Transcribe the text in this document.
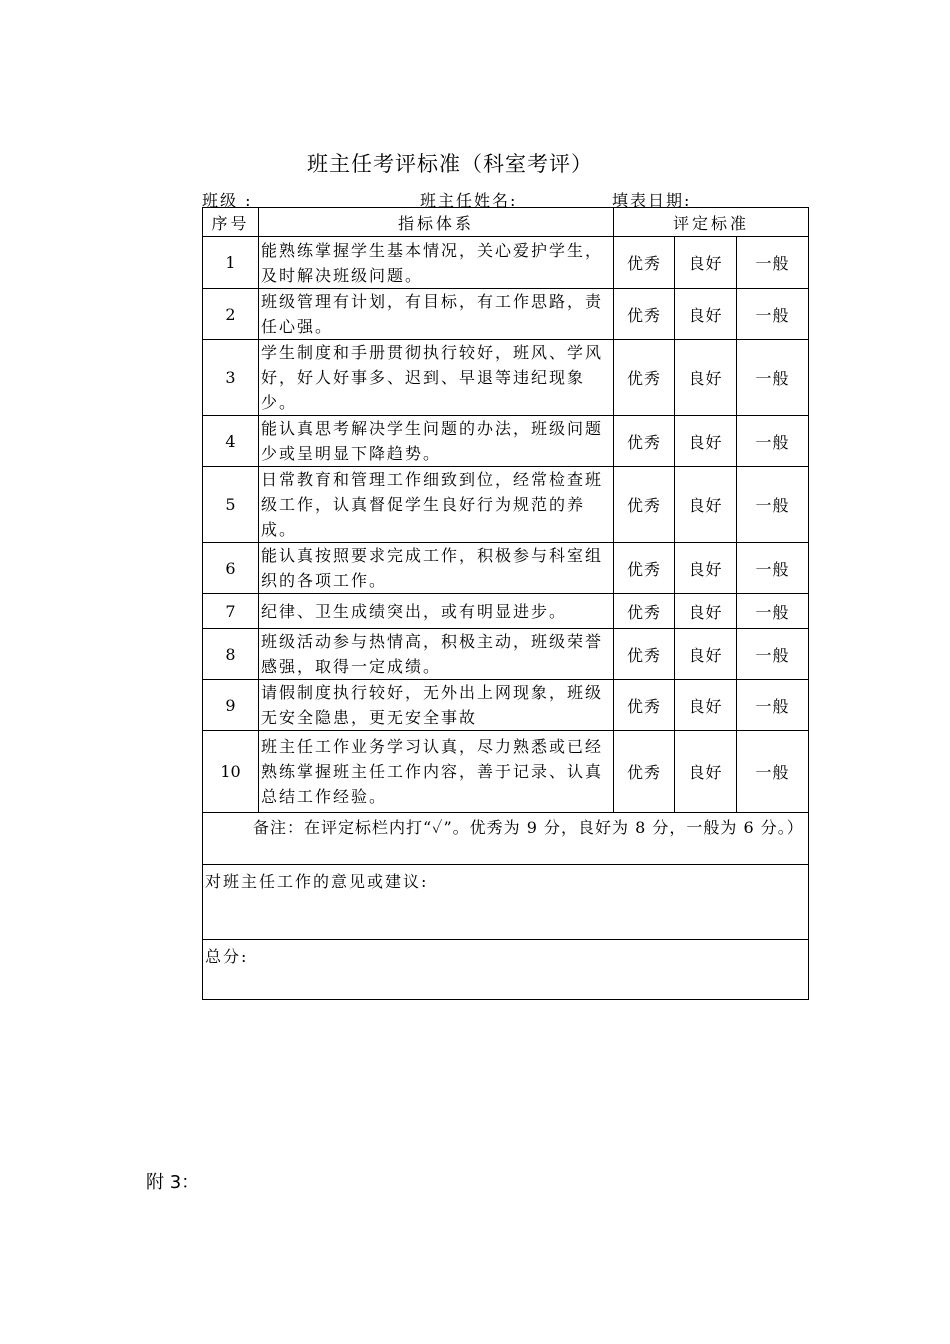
班主任考评标准（科室考评）
班级 :	班主任姓名:	填表日期:
序号	指标体系	评定标准		
1	能熟练掌握学生基本情况，关心爱护学生，及时解决班级问题。	优秀	良好	一般
2	班级管理有计划，有目标，有工作思路，责任心强。	优秀	良好	一般
3	学生制度和手册贯彻执行较好，班风、学风好，好人好事多、迟到、早退等违纪现象少。	优秀	良好	一般
4	能认真思考解决学生问题的办法，班级问题少或呈明显下降趋势。	优秀	良好	一般
5	日常教育和管理工作细致到位，经常检查班级工作，认真督促学生良好行为规范的养成。	优秀	良好	一般
6	能认真按照要求完成工作，积极参与科室组织的各项工作。	优秀	良好	一般
7	纪律、卫生成绩突出，或有明显进步。	优秀	良好	一般
8	班级活动参与热情高，积极主动，班级荣誉感强，取得一定成绩。	优秀	良好	一般
9	请假制度执行较好，无外出上网现象，班级无安全隐患，更无安全事故	优秀	良好	一般
10	班主任工作业务学习认真，尽力熟悉或已经熟练掌握班主任工作内容，善于记录、认真总结工作经验。	优秀	良好	一般
备注：在评定标栏内打“✓”。优秀为 9 分，良好为 8 分，一般为 6 分。）				
对班主任工作的意见或建议:				
总分:				
附 3：
